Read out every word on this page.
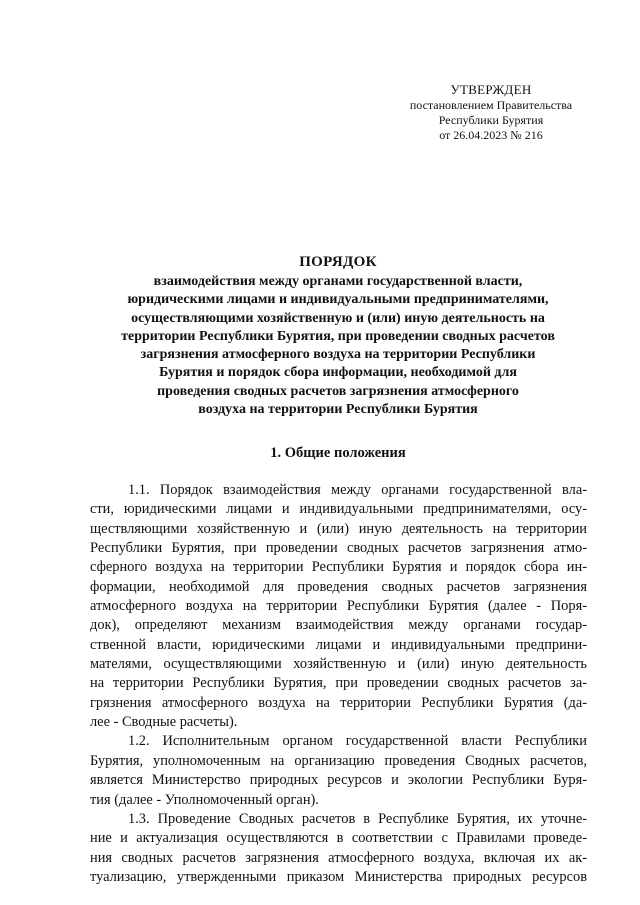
УТВЕРЖДЕН
постановлением Правительства
Республики Бурятия
от 26.04.2023 № 216
ПОРЯДОК
взаимодействия между органами государственной власти,
юридическими лицами и индивидуальными предпринимателями,
осуществляющими хозяйственную и (или) иную деятельность на
территории Республики Бурятия, при проведении сводных расчетов
загрязнения атмосферного воздуха на территории Республики
Бурятия и порядок сбора информации, необходимой для
проведения сводных расчетов загрязнения атмосферного
воздуха на территории Республики Бурятия
1. Общие положения
1.1. Порядок взаимодействия между органами государственной вла-
сти, юридическими лицами и индивидуальными предпринимателями, осу-
ществляющими хозяйственную и (или) иную деятельность на территории
Республики Бурятия, при проведении сводных расчетов загрязнения атмо-
сферного воздуха на территории Республики Бурятия и порядок сбора ин-
формации, необходимой для проведения сводных расчетов загрязнения
атмосферного воздуха на территории Республики Бурятия (далее - Поря-
док), определяют механизм взаимодействия между органами государ-
ственной власти, юридическими лицами и индивидуальными предприни-
мателями, осуществляющими хозяйственную и (или) иную деятельность
на территории Республики Бурятия, при проведении сводных расчетов за-
грязнения атмосферного воздуха на территории Республики Бурятия (да-
лее - Сводные расчеты).
1.2. Исполнительным органом государственной власти Республики
Бурятия, уполномоченным на организацию проведения Сводных расчетов,
является Министерство природных ресурсов и экологии Республики Буря-
тия (далее - Уполномоченный орган).
1.3. Проведение Сводных расчетов в Республике Бурятия, их уточне-
ние и актуализация осуществляются в соответствии с Правилами проведе-
ния сводных расчетов загрязнения атмосферного воздуха, включая их ак-
туализацию, утвержденными приказом Министерства природных ресурсов
